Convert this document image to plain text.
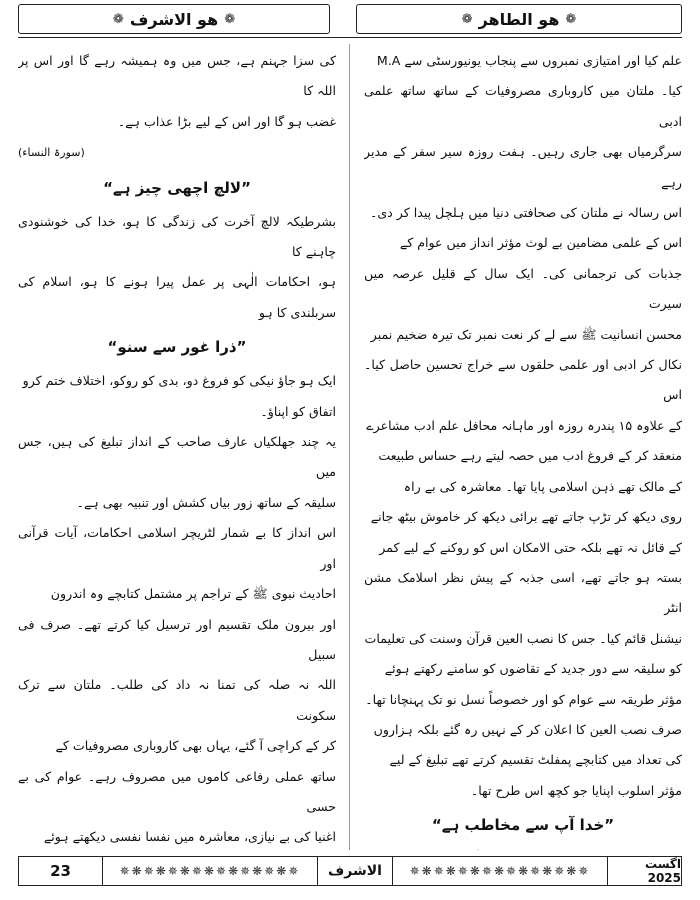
❁ ھو الاشرف ❁	❁ ھو الطاھر ❁

علم کیا اور امتیازی نمبروں سے پنجاب یونیورسٹی سے M.A

کیا۔ ملتان میں کاروباری مصروفیات کے ساتھ ساتھ علمی ادبی

سرگرمیاں بھی جاری رہیں۔ ہفت روزہ سیر سفر کے مدیر رہے

اس رسالہ نے ملتان کی صحافتی دنیا میں ہلچل پیدا کر دی۔

اس کے علمی مضامین بے لوث مؤثر انداز میں عوام کے

جذبات کی ترجمانی کی۔ ایک سال کے قلیل عرصہ میں سیرت

محسن انسانیت ﷺ سے لے کر نعت نمبر تک تیرہ ضخیم نمبر

نکال کر ادبی اور علمی حلقوں سے خراج تحسین حاصل کیا۔ اس

کے علاوہ ۱۵ پندرہ روزہ اور ماہانہ محافل علم ادب مشاعرے

منعقد کر کے فروغ ادب میں حصہ لیتے رہے حساس طبیعت

کے مالک تھے ذہن اسلامی پایا تھا۔ معاشرہ کی بے راہ

روی دیکھ کر تڑپ جاتے تھے برائی دیکھ کر خاموش بیٹھ جانے

کے قائل نہ تھے بلکہ حتی الامکان اس کو روکنے کے لیے کمر

بستہ ہو جاتے تھے، اسی جذبہ کے پیش نظر اسلامک مشن انٹر

نیشنل قائم کیا۔ جس کا نصب العین قرآن وسنت کی تعلیمات

کو سلیقہ سے دور جدید کے تقاضوں کو سامنے رکھتے ہوئے

مؤثر طریقہ سے عوام کو اور خصوصاً نسل نو تک پہنچانا تھا۔

صرف نصب العین کا اعلان کر کے نہیں رہ گئے بلکہ ہزاروں

کی تعداد میں کتابچے پمفلٹ تقسیم کرتے تھے تبلیغ کے لیے

مؤثر اسلوب اپنایا جو کچھ اس طرح تھا۔

”خدا آپ سے مخاطب ہے“

کی سزا جہنم ہے، جس میں وہ ہمیشہ رہے گا اور اس پر اللہ کا

غضب ہو گا اور اس کے لیے بڑا عذاب ہے۔

(سورۃ النساء)

”لالچ اچھی چیز ہے“

بشرطیکہ لالچ آخرت کی زندگی کا ہو، خدا کی خوشنودی چاہنے کا

ہو، احکامات الٰہی پر عمل پیرا ہونے کا ہو، اسلام کی سربلندی کا ہو

”ذرا غور سے سنو“

ایک ہو جاؤ نیکی کو فروغ دو، بدی کو روکو، اختلاف ختم کرو

اتفاق کو اپناؤ۔

یہ چند جھلکیاں عارف صاحب کے انداز تبلیغ کی ہیں، جس میں

سلیقہ کے ساتھ زور بیاں کشش اور تنبیہ بھی ہے۔

اس انداز کا بے شمار لٹریچر اسلامی احکامات، آیات قرآنی اور

احادیث نبوی ﷺ کے تراجم پر مشتمل کتابچے وہ اندرون

اور بیرون ملک تقسیم اور ترسیل کیا کرتے تھے۔ صرف فی سبیل

اللہ نہ صلہ کی تمنا نہ داد کی طلب۔ ملتان سے ترک سکونت

کر کے کراچی آ گئے، یہاں بھی کاروباری مصروفیات کے

ساتھ عملی رفاعی کاموں میں مصروف رہے۔ عوام کی بے حسی

اغنیا کی بے نیازی، معاشرہ میں نفسا نفسی دیکھتے ہوئے

23	✵❋✵❋✵❋✵❋✵❋✵❋✵❋✵	الاشرف	✵❋✵❋✵❋✵❋✵❋✵❋✵❋✵	اگست 2025
